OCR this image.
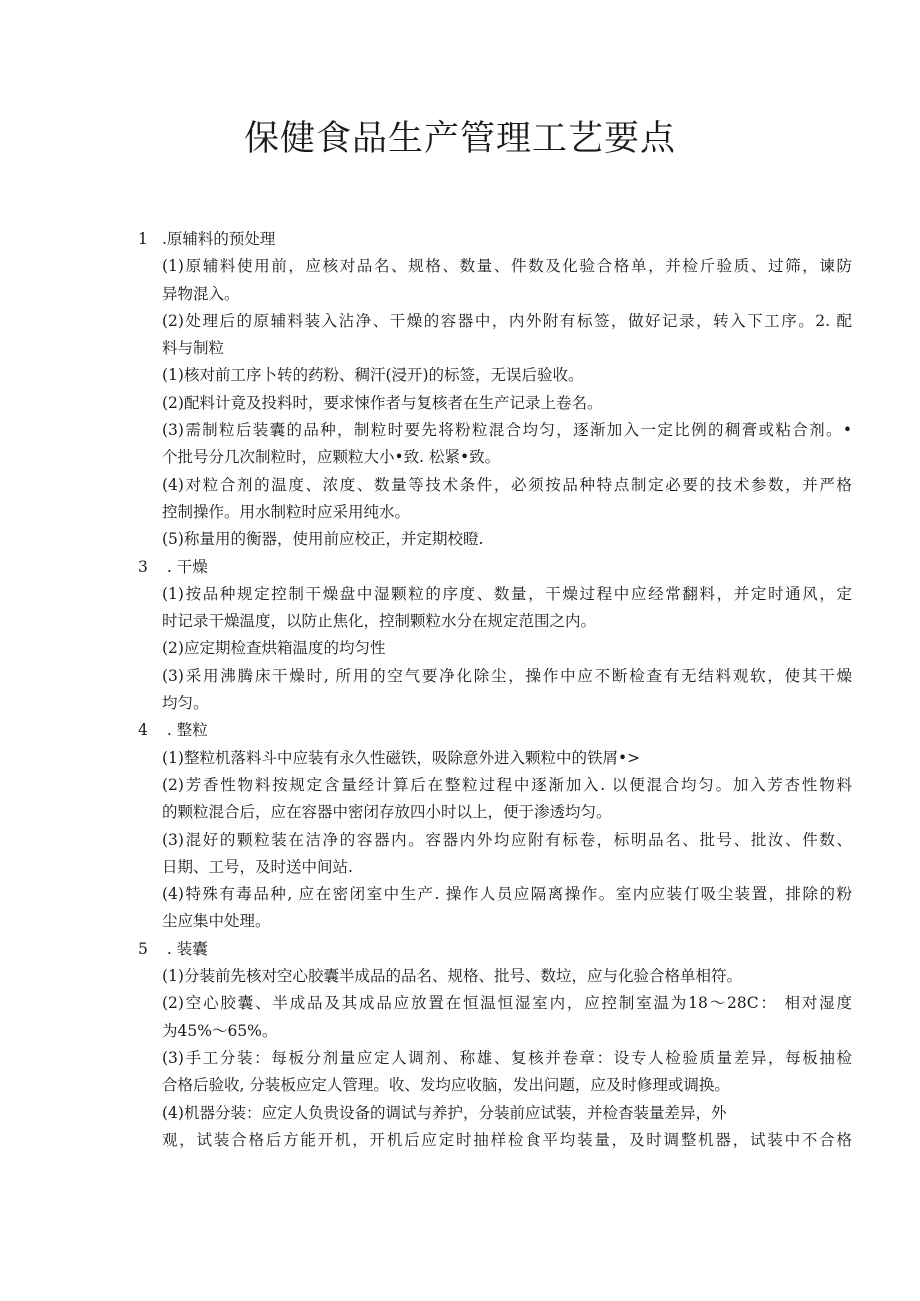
保健食品生产管理工艺要点
1 .原辅料的预处理
(1)原辅料使用前，应核对品名、规格、数量、件数及化验合格单，并检斤验质、过筛，谏防
异物混入。
(2)处理后的原辅料装入沾净、干燥的容器中，内外附有标签，做好记录，转入下工序。2. 配
料与制粒
(1)核对前工序卜转的药粉、稠汗(浸开)的标签，无误后验收。
(2)配料计竟及投料时，要求悚作者与复核者在生产记录上卷名。
(3)需制粒后装囊的品种，制粒时要先将粉粒混合均匀，逐渐加入一定比例的稠膏或粘合剂。•
个批号分几次制粒时，应颗粒大小•致. 松紧•致。
(4)对粒合剂的温度、浓度、数量等技术条件，必须按品种特点制定必要的技术参数，并严格
控制操作。用水制粒时应采用纯水。
(5)称量用的衡器，使用前应校正，并定期校瞪.
3 . 干燥
(1)按品种规定控制干燥盘中湿颗粒的序度、数量，干燥过程中应经常翻料，并定时通风，定
时记录干燥温度，以防止焦化，控制颗粒水分在规定范围之内。
(2)应定期检查烘箱温度的均匀性
(3)采用沸腾床干燥时, 所用的空气要净化除尘，操作中应不断检查有无结料观软，使其干燥
均匀。
4 . 整粒
(1)整粒机落料斗中应装有永久性磁铁，吸除意外进入颗粒中的铁屑•>
(2)芳香性物料按规定含量经计算后在整粒过程中逐渐加入. 以便混合均匀。加入芳杏性物料
的颗粒混合后，应在容器中密闭存放四小时以上，便于渗透均匀。
(3)混好的颗粒装在洁净的容器内。容器内外均应附有标卷，标明品名、批号、批汝、件数、
日期、工号，及时送中间站.
(4)特殊有毒品种, 应在密闭室中生产. 操作人员应隔离操作。室内应装仃吸尘装置，排除的粉
尘应集中处理。
5 . 装囊
(1)分装前先核对空心胶囊半成品的品名、规格、批号、数垃，应与化验合格单相符。
(2)空心胶囊、半成品及其成品应放置在恒温恒湿室内，应控制室温为18～28C： 相对湿度
为45%～65%。
(3)手工分装：每板分剂量应定人调剂、称雄、复核并卷章：设专人检验质量差异，每板抽检
合格后验收, 分装板应定人管理。收、发均应收脑，发出问题，应及时修理或调换。
(4)机器分装：应定人负贵设备的调试与养护，分装前应试装，并检杳装量差异，外
观，试装合格后方能开机，开机后应定时抽样检食平均装量，及时调整机器，试装中不合格
